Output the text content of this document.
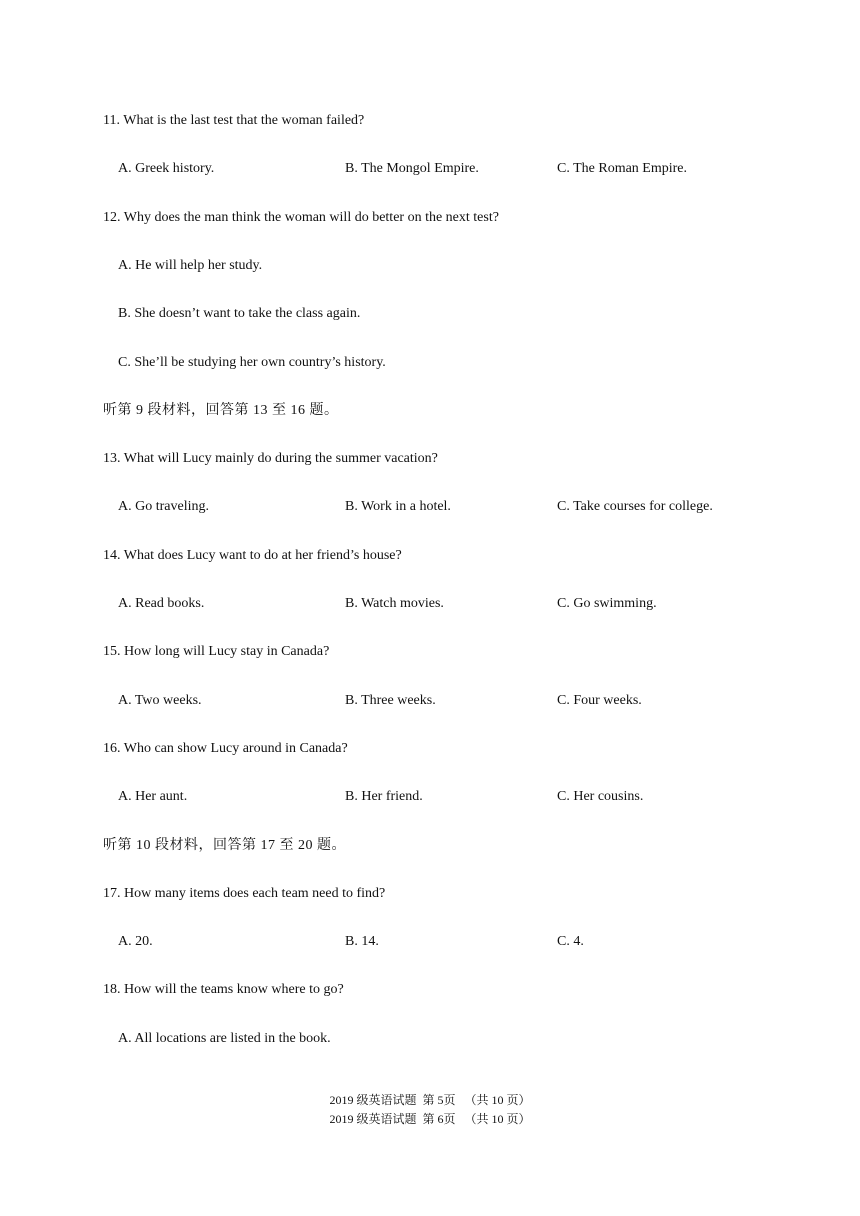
11. What is the last test that the woman failed?
A. Greek history.	B. The Mongol Empire.	C. The Roman Empire.
12. Why does the man think the woman will do better on the next test?
A. He will help her study.
B. She doesn’t want to take the class again.
C. She’ll be studying her own country’s history.
听第 9 段材料，回答第 13 至 16 题。
13. What will Lucy mainly do during the summer vacation?
A. Go traveling.	B. Work in a hotel.	C. Take courses for college.
14. What does Lucy want to do at her friend’s house?
A. Read books.	B. Watch movies.	C. Go swimming.
15. How long will Lucy stay in Canada?
A. Two weeks.	B. Three weeks.	C. Four weeks.
16. Who can show Lucy around in Canada?
A. Her aunt.	B. Her friend.	C. Her cousins.
听第 10 段材料，回答第 17 至 20 题。
17. How many items does each team need to find?
A. 20.	B. 14.	C. 4.
18. How will the teams know where to go?
A. All locations are listed in the book.
2019 级英语试题  第 5页   （共 10 页）
2019 级英语试题  第 6页   （共 10 页）
